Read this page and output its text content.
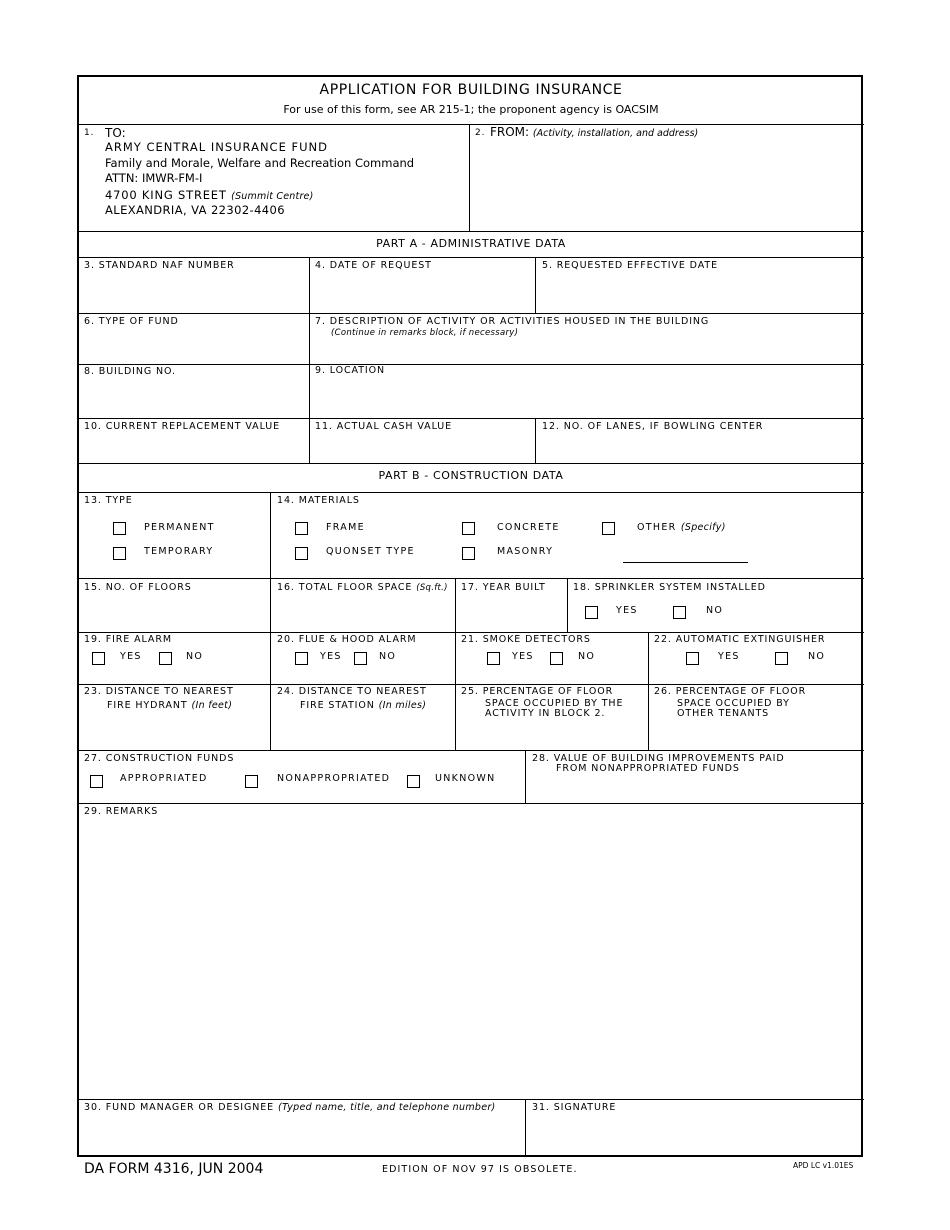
APPLICATION FOR BUILDING INSURANCE
For use of this form, see AR 215-1; the proponent agency is OACSIM
1. TO:
ARMY CENTRAL INSURANCE FUND
Family and Morale, Welfare and Recreation Command
ATTN: IMWR-FM-I
4700 KING STREET (Summit Centre)
ALEXANDRIA, VA 22302-4406
2. FROM: (Activity, installation, and address)
PART A - ADMINISTRATIVE DATA
3. STANDARD NAF NUMBER	4. DATE OF REQUEST	5. REQUESTED EFFECTIVE DATE
6. TYPE OF FUND	7. DESCRIPTION OF ACTIVITY OR ACTIVITIES HOUSED IN THE BUILDING
(Continue in remarks block, if necessary)
8. BUILDING NO.	9. LOCATION
10. CURRENT REPLACEMENT VALUE	11. ACTUAL CASH VALUE	12. NO. OF LANES, IF BOWLING CENTER
PART B - CONSTRUCTION DATA
13. TYPE
PERMANENT
TEMPORARY
14. MATERIALS
FRAME
QUONSET TYPE
CONCRETE
MASONRY
OTHER (Specify)
15. NO. OF FLOORS	16. TOTAL FLOOR SPACE (Sq.ft.) 17. YEAR BUILT	18. SPRINKLER SYSTEM INSTALLED
YES	NO
19. FIRE ALARM
YES	NO
20. FLUE & HOOD ALARM
YES	NO
21. SMOKE DETECTORS
YES	NO
22. AUTOMATIC EXTINGUISHER
YES	NO
23. DISTANCE TO NEAREST
FIRE HYDRANT (In feet)
24. DISTANCE TO NEAREST
FIRE STATION (In miles)
25. PERCENTAGE OF FLOOR
SPACE OCCUPIED BY THE
ACTIVITY IN BLOCK 2.
26. PERCENTAGE OF FLOOR
SPACE OCCUPIED BY
OTHER TENANTS
27. CONSTRUCTION FUNDS
APPROPRIATED	NONAPPROPRIATED	UNKNOWN
28. VALUE OF BUILDING IMPROVEMENTS PAID
FROM NONAPPROPRIATED FUNDS
29. REMARKS
30. FUND MANAGER OR DESIGNEE (Typed name, title, and telephone number)	31. SIGNATURE
DA FORM 4316, JUN 2004	EDITION OF NOV 97 IS OBSOLETE.	APD LC v1.01ES
